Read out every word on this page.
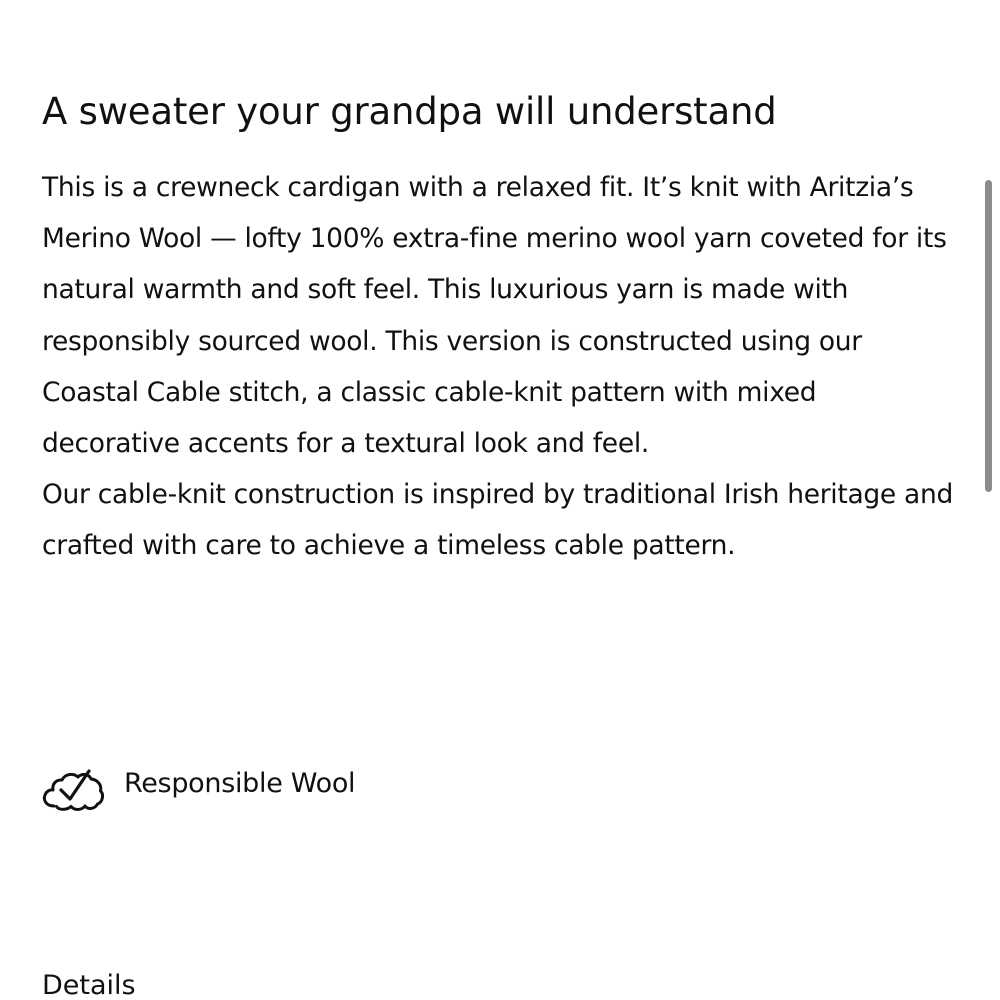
A sweater your grandpa will understand

This is a crewneck cardigan with a relaxed fit. It’s knit with Aritzia’s Merino Wool — lofty 100% extra-fine merino wool yarn coveted for its natural warmth and soft feel. This luxurious yarn is made with responsibly sourced wool. This version is constructed using our Coastal Cable stitch, a classic cable-knit pattern with mixed decorative accents for a textural look and feel.

Our cable-knit construction is inspired by traditional Irish heritage and crafted with care to achieve a timeless cable pattern.

Responsible Wool
Details
